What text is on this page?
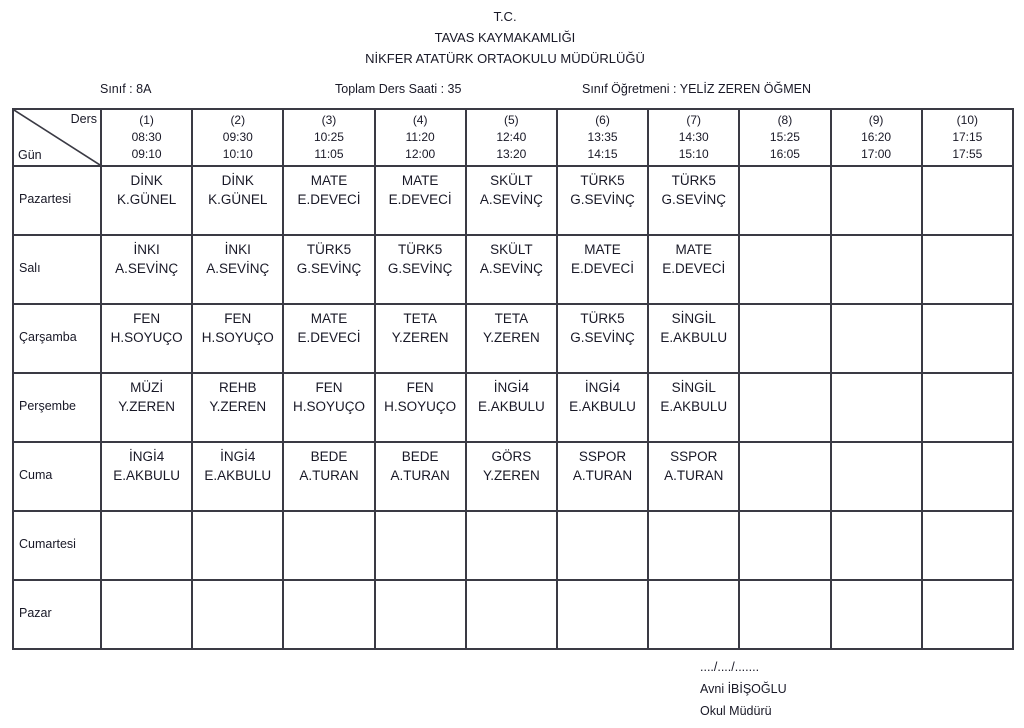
T.C.
TAVAS KAYMAKAMLIĞI
NİKFER ATATÜRK ORTAOKULU MÜDÜRLÜĞÜ
Sınıf : 8A	Toplam Ders Saati : 35	Sınıf Öğretmeni : YELİZ ZEREN ÖĞMEN
Ders
Gün

(1)
08:30
09:10

(2)
09:30
10:10

(3)
10:25
11:05

(4)
11:20
12:00

(5)
12:40
13:20

(6)
13:35
14:15

(7)
14:30
15:10

(8)
15:25
16:05

(9)
16:20
17:00

(10)
17:15
17:55

Pazartesi	
DİNK
K.GÜNEL

DİNK
K.GÜNEL

MATE
E.DEVECİ

MATE
E.DEVECİ

SKÜLT
A.SEVİNÇ

TÜRK5
G.SEVİNÇ

TÜRK5
G.SEVİNÇ

Salı	
İNKI
A.SEVİNÇ

İNKI
A.SEVİNÇ

TÜRK5
G.SEVİNÇ

TÜRK5
G.SEVİNÇ

SKÜLT
A.SEVİNÇ

MATE
E.DEVECİ

MATE
E.DEVECİ

Çarşamba	
FEN
H.SOYUÇO

FEN
H.SOYUÇO

MATE
E.DEVECİ

TETA
Y.ZEREN

TETA
Y.ZEREN

TÜRK5
G.SEVİNÇ

SİNGİL
E.AKBULU

Perşembe	
MÜZİ
Y.ZEREN

REHB
Y.ZEREN

FEN
H.SOYUÇO

FEN
H.SOYUÇO

İNGİ4
E.AKBULU

İNGİ4
E.AKBULU

SİNGİL
E.AKBULU

Cuma	
İNGİ4
E.AKBULU

İNGİ4
E.AKBULU

BEDE
A.TURAN

BEDE
A.TURAN

GÖRS
Y.ZEREN

SSPOR
A.TURAN

SSPOR
A.TURAN

Cumartesi										
Pazar										
..../..../.......
Avni İBİŞOĞLU
Okul Müdürü
